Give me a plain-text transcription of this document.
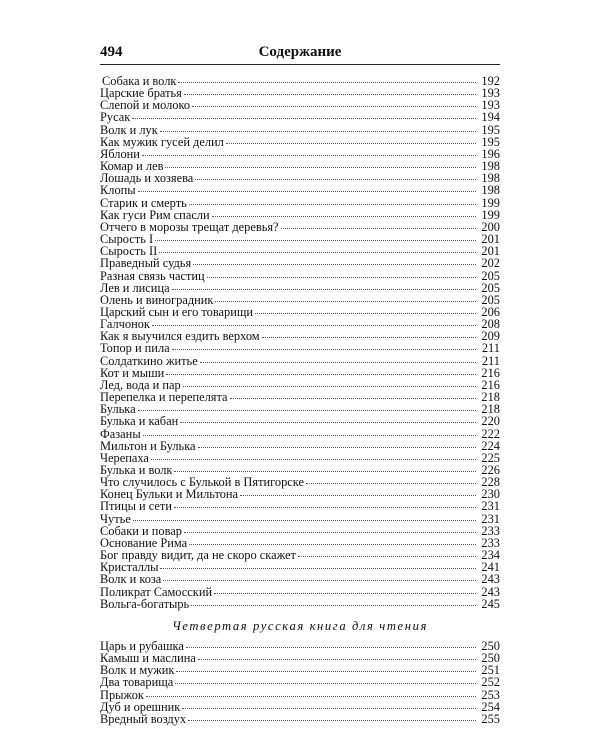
494	Содержание
Собака и волк	192
Царские братья	193
Слепой и молоко	193
Русак	194
Волк и лук	195
Как мужик гусей делил	195
Яблони	196
Комар и лев	198
Лошадь и хозяева	198
Клопы	198
Старик и смерть	199
Как гуси Рим спасли	199
Отчего в морозы трещат деревья?	200
Сырость I	201
Сырость II	201
Праведный судья	202
Разная связь частиц	205
Лев и лисица	205
Олень и виноградник	205
Царский сын и его товарищи	206
Галчонок	208
Как я выучился ездить верхом	209
Топор и пила	211
Солдаткино житье	211
Кот и мыши	216
Лед, вода и пар	216
Перепелка и перепелята	218
Булька	218
Булька и кабан	220
Фазаны	222
Мильтон и Булька	224
Черепаха	225
Булька и волк	226
Что случилось с Булькой в Пятигорске	228
Конец Бульки и Мильтона	230
Птицы и сети	231
Чутье	231
Собаки и повар	233
Основание Рима	233
Бог правду видит, да не скоро скажет	234
Кристаллы	241
Волк и коза	243
Поликрат Самосский	243
Вольга-богатырь	245
Четвертая русская книга для чтения
Царь и рубашка	250
Камыш и маслина	250
Волк и мужик	251
Два товарища	252
Прыжок	253
Дуб и орешник	254
Вредный воздух	255
